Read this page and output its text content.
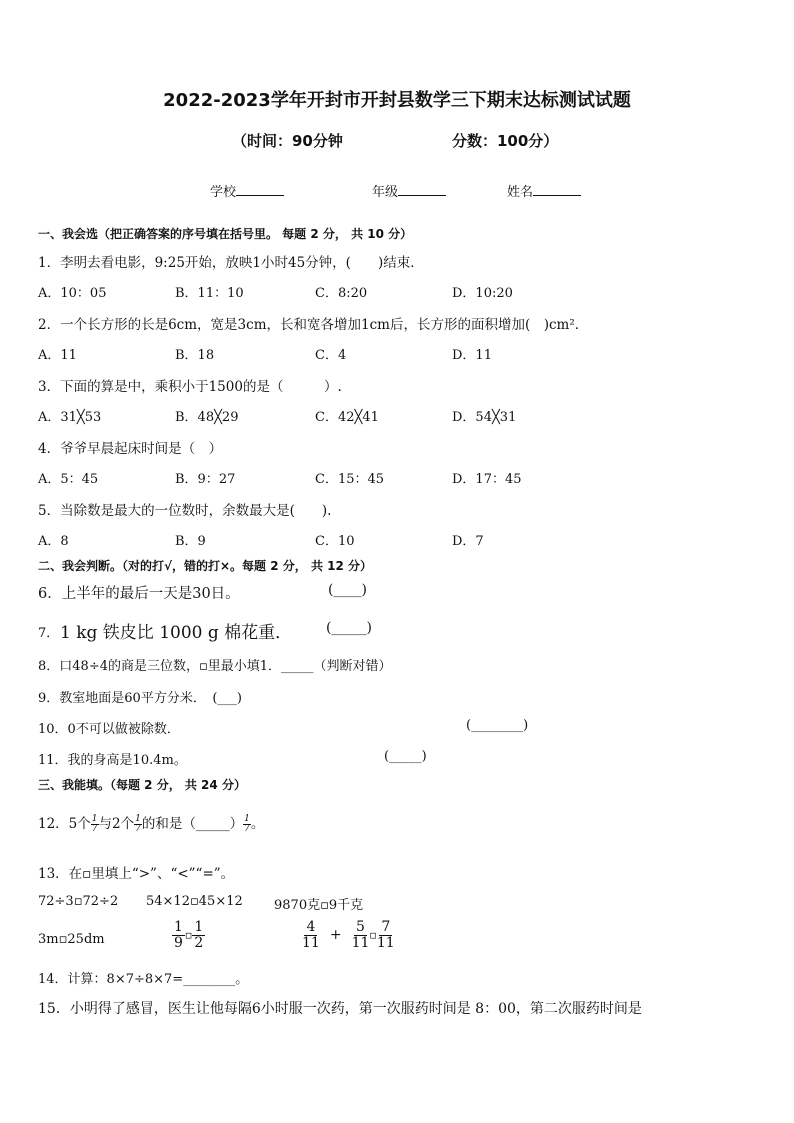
2022-2023学年开封市开封县数学三下期末达标测试试题
（时间：90分钟	分数：100分）
学校	年级	姓名
一、我会选（把正确答案的序号填在括号里。 每题 2 分， 共 10 分）
1．李明去看电影，9:25开始，放映1小时45分钟，(　　)结束．
A．10：05	B．11：10	C．8:20	D．10:20
2．一个长方形的长是6cm，宽是3cm，长和宽各增加1cm后，长方形的面积增加(　)cm²．
A．11	B．18	C．4	D．11
3．下面的算是中，乘积小于1500的是（　　　）.
A．31╳53	B．48╳29	C．42╳41	D．54╳31
4．爷爷早晨起床时间是（　）
A．5：45	B．9：27	C．15：45	D．17：45
5．当除数是最大的一位数时，余数最大是(　　).
A．8	B．9	C．10	D．7
二、我会判断。（对的打√，错的打×。每题 2 分， 共 12 分）
6．上半年的最后一天是30日。	(____)
7． 1 kg 铁皮比 1000 g 棉花重． (_____)
8．口48÷4的商是三位数，▫里最小填1．_____（判断对错）
9．教室地面是60平方分米．　(___)
10．0不可以做被除数．	(________)
11．我的身高是10.4m。	(_____)
三、我能填。（每题 2 分， 共 24 分）
12．5个 $\frac{1}{7}$ 与2个 $\frac{1}{7}$ 的和是（_____） $\frac{1}{7}$ 。
13．在▫里填上“>”、“<”“=”。
72÷3▫72÷2 54×12▫45×12 9870克▫9千克
3m▫25dm	$\frac{1}{9}$ ▫ $\frac{1}{2}$	$\frac{4}{11} + \frac{5}{11}$ ▫ $\frac{7}{11}$
14．计算：8×7÷8×7=________。
15．小明得了感冒，医生让他每隔6小时服一次药，第一次服药时间是 8：00，第二次服药时间是
